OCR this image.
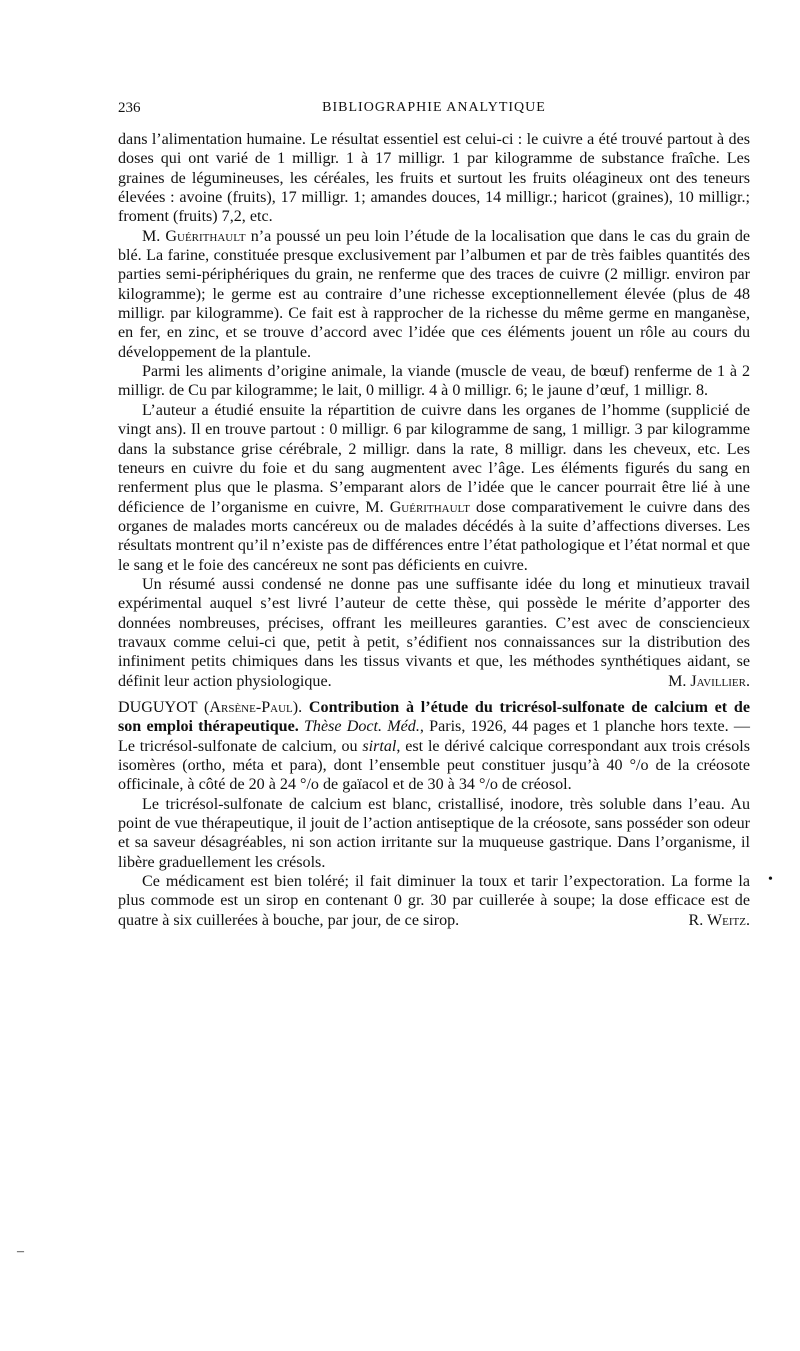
236	BIBLIOGRAPHIE ANALYTIQUE

dans l’alimentation humaine. Le résultat essentiel est celui-ci : le cuivre a été trouvé partout à des doses qui ont varié de 1 milligr. 1 à 17 milligr. 1 par kilogramme de substance fraîche. Les graines de légumineuses, les céréales, les fruits et surtout les fruits oléagineux ont des teneurs élevées : avoine (fruits), 17 milligr. 1; amandes douces, 14 milligr.; haricot (graines), 10 milligr.; froment (fruits) 7,2, etc.

M. Guérithault n’a poussé un peu loin l’étude de la localisation que dans le cas du grain de blé. La farine, constituée presque exclusivement par l’albumen et par de très faibles quantités des parties semi-périphériques du grain, ne renferme que des traces de cuivre (2 milligr. environ par kilogramme); le germe est au contraire d’une richesse exceptionnellement élevée (plus de 48 milligr. par kilogramme). Ce fait est à rapprocher de la richesse du même germe en manganèse, en fer, en zinc, et se trouve d’accord avec l’idée que ces éléments jouent un rôle au cours du développement de la plantule.

Parmi les aliments d’origine animale, la viande (muscle de veau, de bœuf) renferme de 1 à 2 milligr. de Cu par kilogramme; le lait, 0 milligr. 4 à 0 milligr. 6; le jaune d’œuf, 1 milligr. 8.

L’auteur a étudié ensuite la répartition de cuivre dans les organes de l’homme (supplicié de vingt ans). Il en trouve partout : 0 milligr. 6 par kilogramme de sang, 1 milligr. 3 par kilogramme dans la substance grise cérébrale, 2 milligr. dans la rate, 8 milligr. dans les cheveux, etc. Les teneurs en cuivre du foie et du sang augmentent avec l’âge. Les éléments figurés du sang en renferment plus que le plasma. S’emparant alors de l’idée que le cancer pourrait être lié à une déficience de l’organisme en cuivre, M. Guérithault dose comparativement le cuivre dans des organes de malades morts cancéreux ou de malades décédés à la suite d’affections diverses. Les résultats montrent qu’il n’existe pas de différences entre l’état pathologique et l’état normal et que le sang et le foie des cancéreux ne sont pas déficients en cuivre.

Un résumé aussi condensé ne donne pas une suffisante idée du long et minutieux travail expérimental auquel s’est livré l’auteur de cette thèse, qui possède le mérite d’apporter des données nombreuses, précises, offrant les meilleures garanties. C’est avec de consciencieux travaux comme celui-ci que, petit à petit, s’édifient nos connaissances sur la distribution des infiniment petits chimiques dans les tissus vivants et que, les méthodes synthétiques aidant, se définit leur action physiologique.	M. Javillier.

DUGUYOT (Arsène-Paul). Contribution à l’étude du tricrésol-sulfonate de calcium et de son emploi thérapeutique. Thèse Doct. Méd., Paris, 1926, 44 pages et 1 planche hors texte. — Le tricrésol-sulfonate de calcium, ou sirtal, est le dérivé calcique correspondant aux trois crésols isomères (ortho, méta et para), dont l’ensemble peut constituer jusqu’à 40 °/o de la créosote officinale, à côté de 20 à 24 °/o de gaïacol et de 30 à 34 °/o de créosol.

Le tricrésol-sulfonate de calcium est blanc, cristallisé, inodore, très soluble dans l’eau. Au point de vue thérapeutique, il jouit de l’action antiseptique de la créosote, sans posséder son odeur et sa saveur désagréables, ni son action irritante sur la muqueuse gastrique. Dans l’organisme, il libère graduellement les crésols.

Ce médicament est bien toléré; il fait diminuer la toux et tarir l’expectoration. La forme la plus commode est un sirop en contenant 0 gr. 30 par cuillerée à soupe; la dose efficace est de quatre à six cuillerées à bouche, par jour, de ce sirop.	R. Weitz.

•
–
